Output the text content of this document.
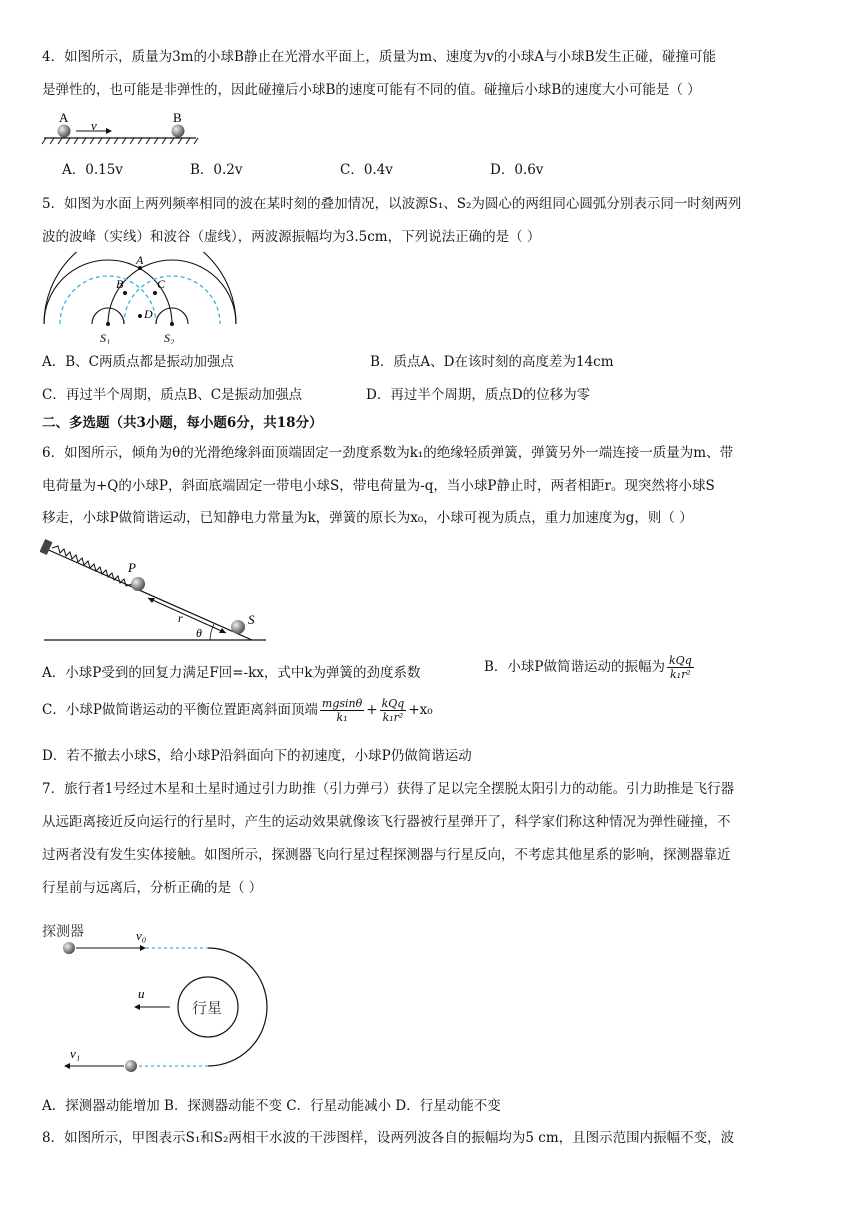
4．如图所示，质量为3m的小球B静止在光滑水平面上，质量为m、速度为v的小球A与小球B发生正碰，碰撞可能
是弹性的，也可能是非弹性的，因此碰撞后小球B的速度可能有不同的值。碰撞后小球B的速度大小可能是（ ）
A	B
v
A．0.15v	B．0.2v	C．0.4v	D．0.6v
5．如图为水面上两列频率相同的波在某时刻的叠加情况，以波源S₁、S₂为圆心的两组同心圆弧分别表示同一时刻两列
波的波峰（实线）和波谷（虚线），两波源振幅均为3.5cm，下列说法正确的是（ ）
A
B	C
D
S₁	S₂
A．B、C两质点都是振动加强点	B．质点A、D在该时刻的高度差为14cm
C．再过半个周期，质点B、C是振动加强点	D．再过半个周期，质点D的位移为零
二、多选题（共3小题，每小题6分，共18分）
6．如图所示，倾角为θ的光滑绝缘斜面顶端固定一劲度系数为k₁的绝缘轻质弹簧，弹簧另外一端连接一质量为m、带
电荷量为+Q的小球P，斜面底端固定一带电小球S，带电荷量为-q，当小球P静止时，两者相距r。现突然将小球S
移走，小球P做简谐运动，已知静电力常量为k，弹簧的原长为x₀，小球可视为质点，重力加速度为g，则（ ）
P
S
r
θ
A．小球P受到的回复力满足F回=-kx，式中k为弹簧的劲度系数	B．小球P做简谐运动的振幅为 kQq
k₁r²
C．小球P做简谐运动的平衡位置距离斜面顶端 $\frac{mgsin\theta}{\text{k₁}}$ + kQq
k₁r² +x₀
D．若不撤去小球S，给小球P沿斜面向下的初速度，小球P仍做简谐运动
7．旅行者1号经过木星和土星时通过引力助推（引力弹弓）获得了足以完全摆脱太阳引力的动能。引力助推是飞行器
从远距离接近反向运行的行星时，产生的运动效果就像该飞行器被行星弹开了，科学家们称这种情况为弹性碰撞，不
过两者没有发生实体接触。如图所示，探测器飞向行星过程探测器与行星反向，不考虑其他星系的影响，探测器靠近
行星前与远离后，分析正确的是（ ）
探测器	v₀
v₁
行星
u
A．探测器动能增加 B．探测器动能不变 C．行星动能减小 D．行星动能不变
8．如图所示，甲图表示S₁和S₂两相干水波的干涉图样，设两列波各自的振幅均为5 cm，且图示范围内振幅不变，波
